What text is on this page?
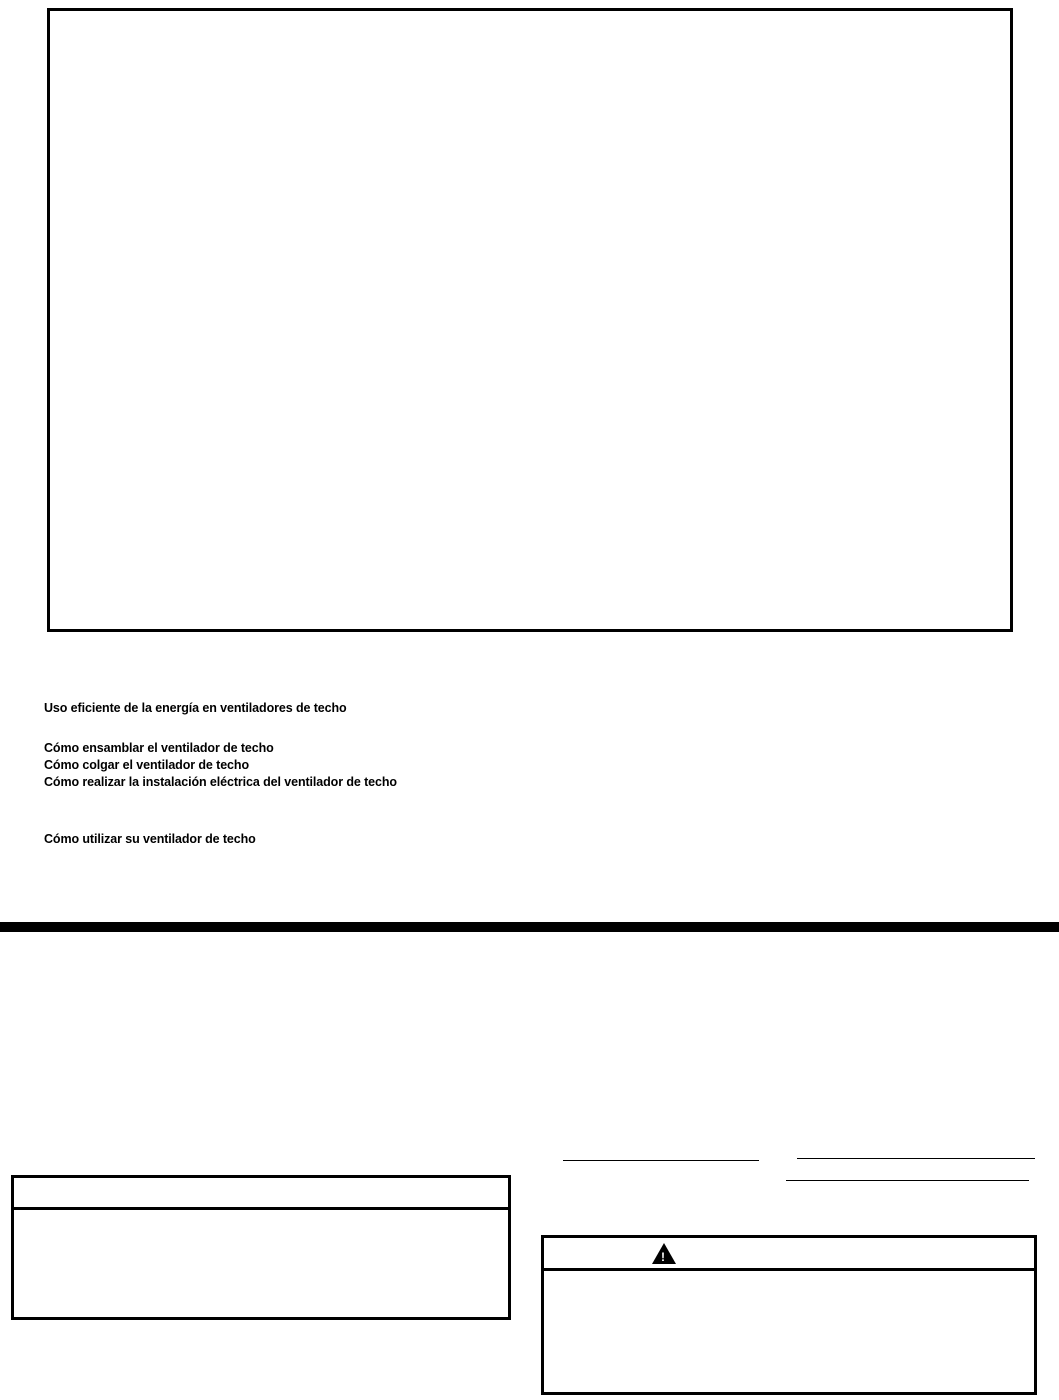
Uso eficiente de la energía en ventiladores de techo
Cómo ensamblar el ventilador de techo
Cómo colgar el ventilador de techo
Cómo realizar la instalación eléctrica del ventilador de techo
Cómo utilizar su ventilador de techo
!
